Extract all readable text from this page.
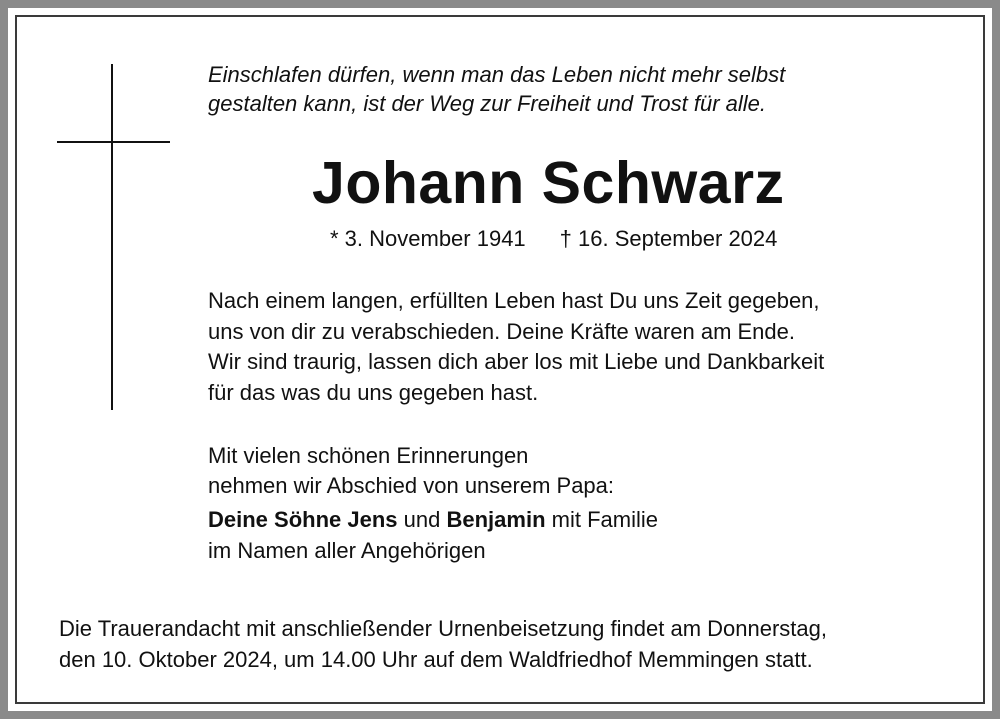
Einschlafen dürfen, wenn man das Leben nicht mehr selbst
gestalten kann, ist der Weg zur Freiheit und Trost für alle.
Johann Schwarz
* 3. November 1941 † 16. September 2024
Nach einem langen, erfüllten Leben hast Du uns Zeit gegeben,
uns von dir zu verabschieden. Deine Kräfte waren am Ende.
Wir sind traurig, lassen dich aber los mit Liebe und Dankbarkeit
für das was du uns gegeben hast.
Mit vielen schönen Erinnerungen
nehmen wir Abschied von unserem Papa:
Deine Söhne Jens und Benjamin mit Familie
im Namen aller Angehörigen
Die Trauerandacht mit anschließender Urnenbeisetzung findet am Donnerstag,
den 10. Oktober 2024, um 14.00 Uhr auf dem Waldfriedhof Memmingen statt.
